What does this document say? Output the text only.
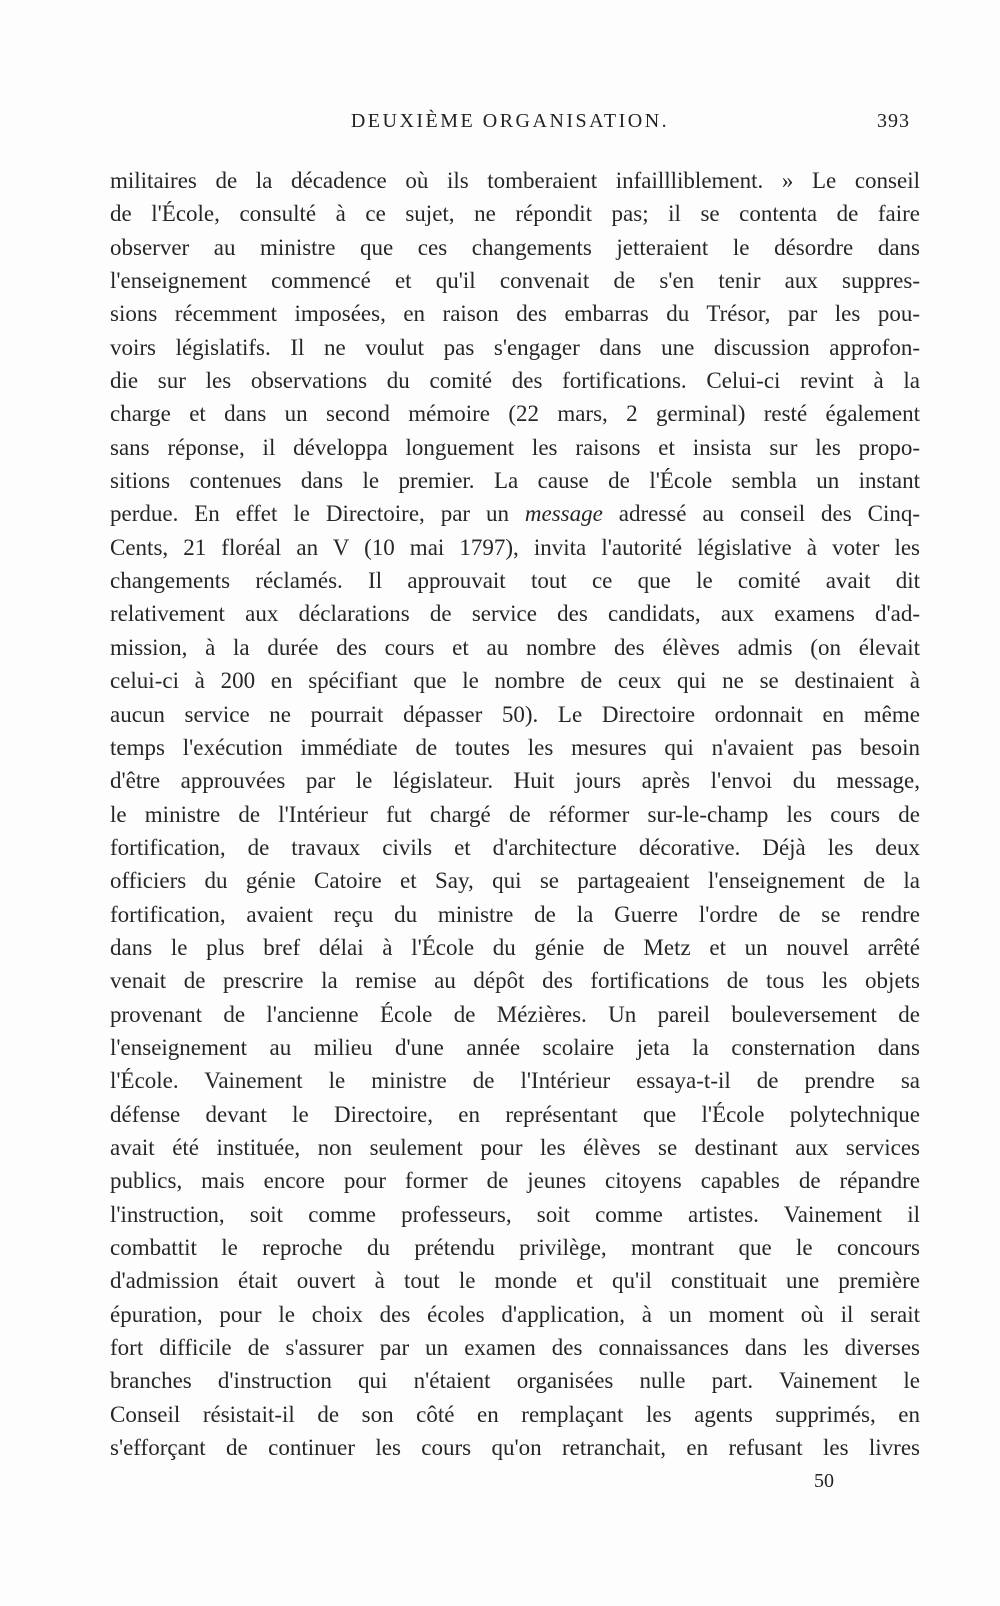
DEUXIÈME ORGANISATION.	393
militaires de la décadence où ils tomberaient infaillliblement. » Le conseil
de l'École, consulté à ce sujet, ne répondit pas; il se contenta de faire
observer au ministre que ces changements jetteraient le désordre dans
l'enseignement commencé et qu'il convenait de s'en tenir aux suppres-
sions récemment imposées, en raison des embarras du Trésor, par les pou-
voirs législatifs. Il ne voulut pas s'engager dans une discussion approfon-
die sur les observations du comité des fortifications. Celui-ci revint à la
charge et dans un second mémoire (22 mars, 2 germinal) resté également
sans réponse, il développa longuement les raisons et insista sur les propo-
sitions contenues dans le premier. La cause de l'École sembla un instant
perdue. En effet le Directoire, par un message adressé au conseil des Cinq-
Cents, 21 floréal an V (10 mai 1797), invita l'autorité législative à voter les
changements réclamés. Il approuvait tout ce que le comité avait dit
relativement aux déclarations de service des candidats, aux examens d'ad-
mission, à la durée des cours et au nombre des élèves admis (on élevait
celui-ci à 200 en spécifiant que le nombre de ceux qui ne se destinaient à
aucun service ne pourrait dépasser 50). Le Directoire ordonnait en même
temps l'exécution immédiate de toutes les mesures qui n'avaient pas besoin
d'être approuvées par le législateur. Huit jours après l'envoi du message,
le ministre de l'Intérieur fut chargé de réformer sur-le-champ les cours de
fortification, de travaux civils et d'architecture décorative. Déjà les deux
officiers du génie Catoire et Say, qui se partageaient l'enseignement de la
fortification, avaient reçu du ministre de la Guerre l'ordre de se rendre
dans le plus bref délai à l'École du génie de Metz et un nouvel arrêté
venait de prescrire la remise au dépôt des fortifications de tous les objets
provenant de l'ancienne École de Mézières. Un pareil bouleversement de
l'enseignement au milieu d'une année scolaire jeta la consternation dans
l'École. Vainement le ministre de l'Intérieur essaya-t-il de prendre sa
défense devant le Directoire, en représentant que l'École polytechnique
avait été instituée, non seulement pour les élèves se destinant aux services
publics, mais encore pour former de jeunes citoyens capables de répandre
l'instruction, soit comme professeurs, soit comme artistes. Vainement il
combattit le reproche du prétendu privilège, montrant que le concours
d'admission était ouvert à tout le monde et qu'il constituait une première
épuration, pour le choix des écoles d'application, à un moment où il serait
fort difficile de s'assurer par un examen des connaissances dans les diverses
branches d'instruction qui n'étaient organisées nulle part. Vainement le
Conseil résistait-il de son côté en remplaçant les agents supprimés, en
s'efforçant de continuer les cours qu'on retranchait, en refusant les livres
50
